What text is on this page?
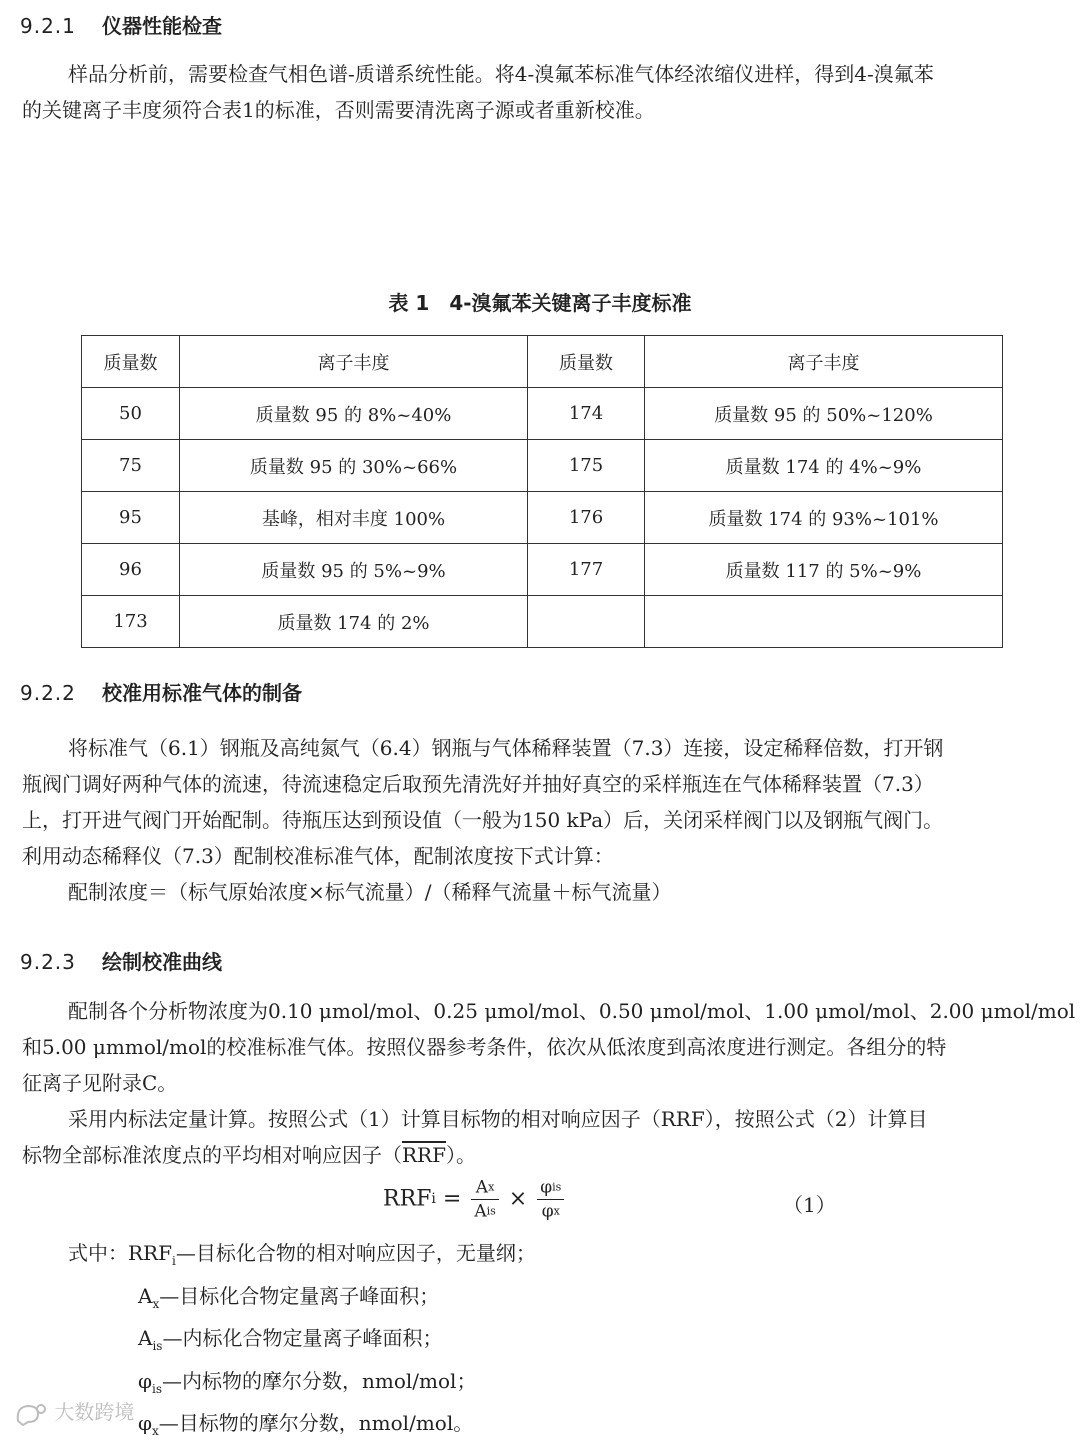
9.2.1 仪器性能检查
样品分析前，需要检查气相色谱-质谱系统性能。将4-溴氟苯标准气体经浓缩仪进样，得到4-溴氟苯
的关键离子丰度须符合表1的标准，否则需要清洗离子源或者重新校准。
表 1　4-溴氟苯关键离子丰度标准
质量数	离子丰度	质量数	离子丰度
50	质量数 95 的 8%~40%	174	质量数 95 的 50%~120%
75	质量数 95 的 30%~66%	175	质量数 174 的 4%~9%
95	基峰，相对丰度 100%	176	质量数 174 的 93%~101%
96	质量数 95 的 5%~9%	177	质量数 117 的 5%~9%
173	质量数 174 的 2%		
9.2.2 校准用标准气体的制备
将标准气（6.1）钢瓶及高纯氮气（6.4）钢瓶与气体稀释装置（7.3）连接，设定稀释倍数，打开钢
瓶阀门调好两种气体的流速，待流速稳定后取预先清洗好并抽好真空的采样瓶连在气体稀释装置（7.3）
上，打开进气阀门开始配制。待瓶压达到预设值（一般为150 kPa）后，关闭采样阀门以及钢瓶气阀门。
利用动态稀释仪（7.3）配制校准标准气体，配制浓度按下式计算：
配制浓度＝（标气原始浓度×标气流量）/（稀释气流量＋标气流量）
9.2.3 绘制校准曲线
配制各个分析物浓度为0.10 μmol/mol、0.25 μmol/mol、0.50 μmol/mol、1.00 μmol/mol、2.00 μmol/mol
和5.00 μmmol/mol的校准标准气体。按照仪器参考条件，依次从低浓度到高浓度进行测定。各组分的特
征离子见附录C。
采用内标法定量计算。按照公式（1）计算目标物的相对响应因子（RRF），按照公式（2）计算目
标物全部标准浓度点的平均相对响应因子$(\overline{RRF})$。
RRFi = $\frac{Ax}{\text{Ais}} \times \frac{\text{φis}}{\varphi x}$	（1）
式中：$RRF_i—$目标化合物的相对响应因子，无量纲；
$A_x—$目标化合物定量离子峰面积；
$A_{is}—$内标化合物定量离子峰面积；
$\varphi_{is}—$内标物的摩尔分数，nmol/mol；
$\varphi_x—$目标物的摩尔分数，nmol/mol。
大数跨境
